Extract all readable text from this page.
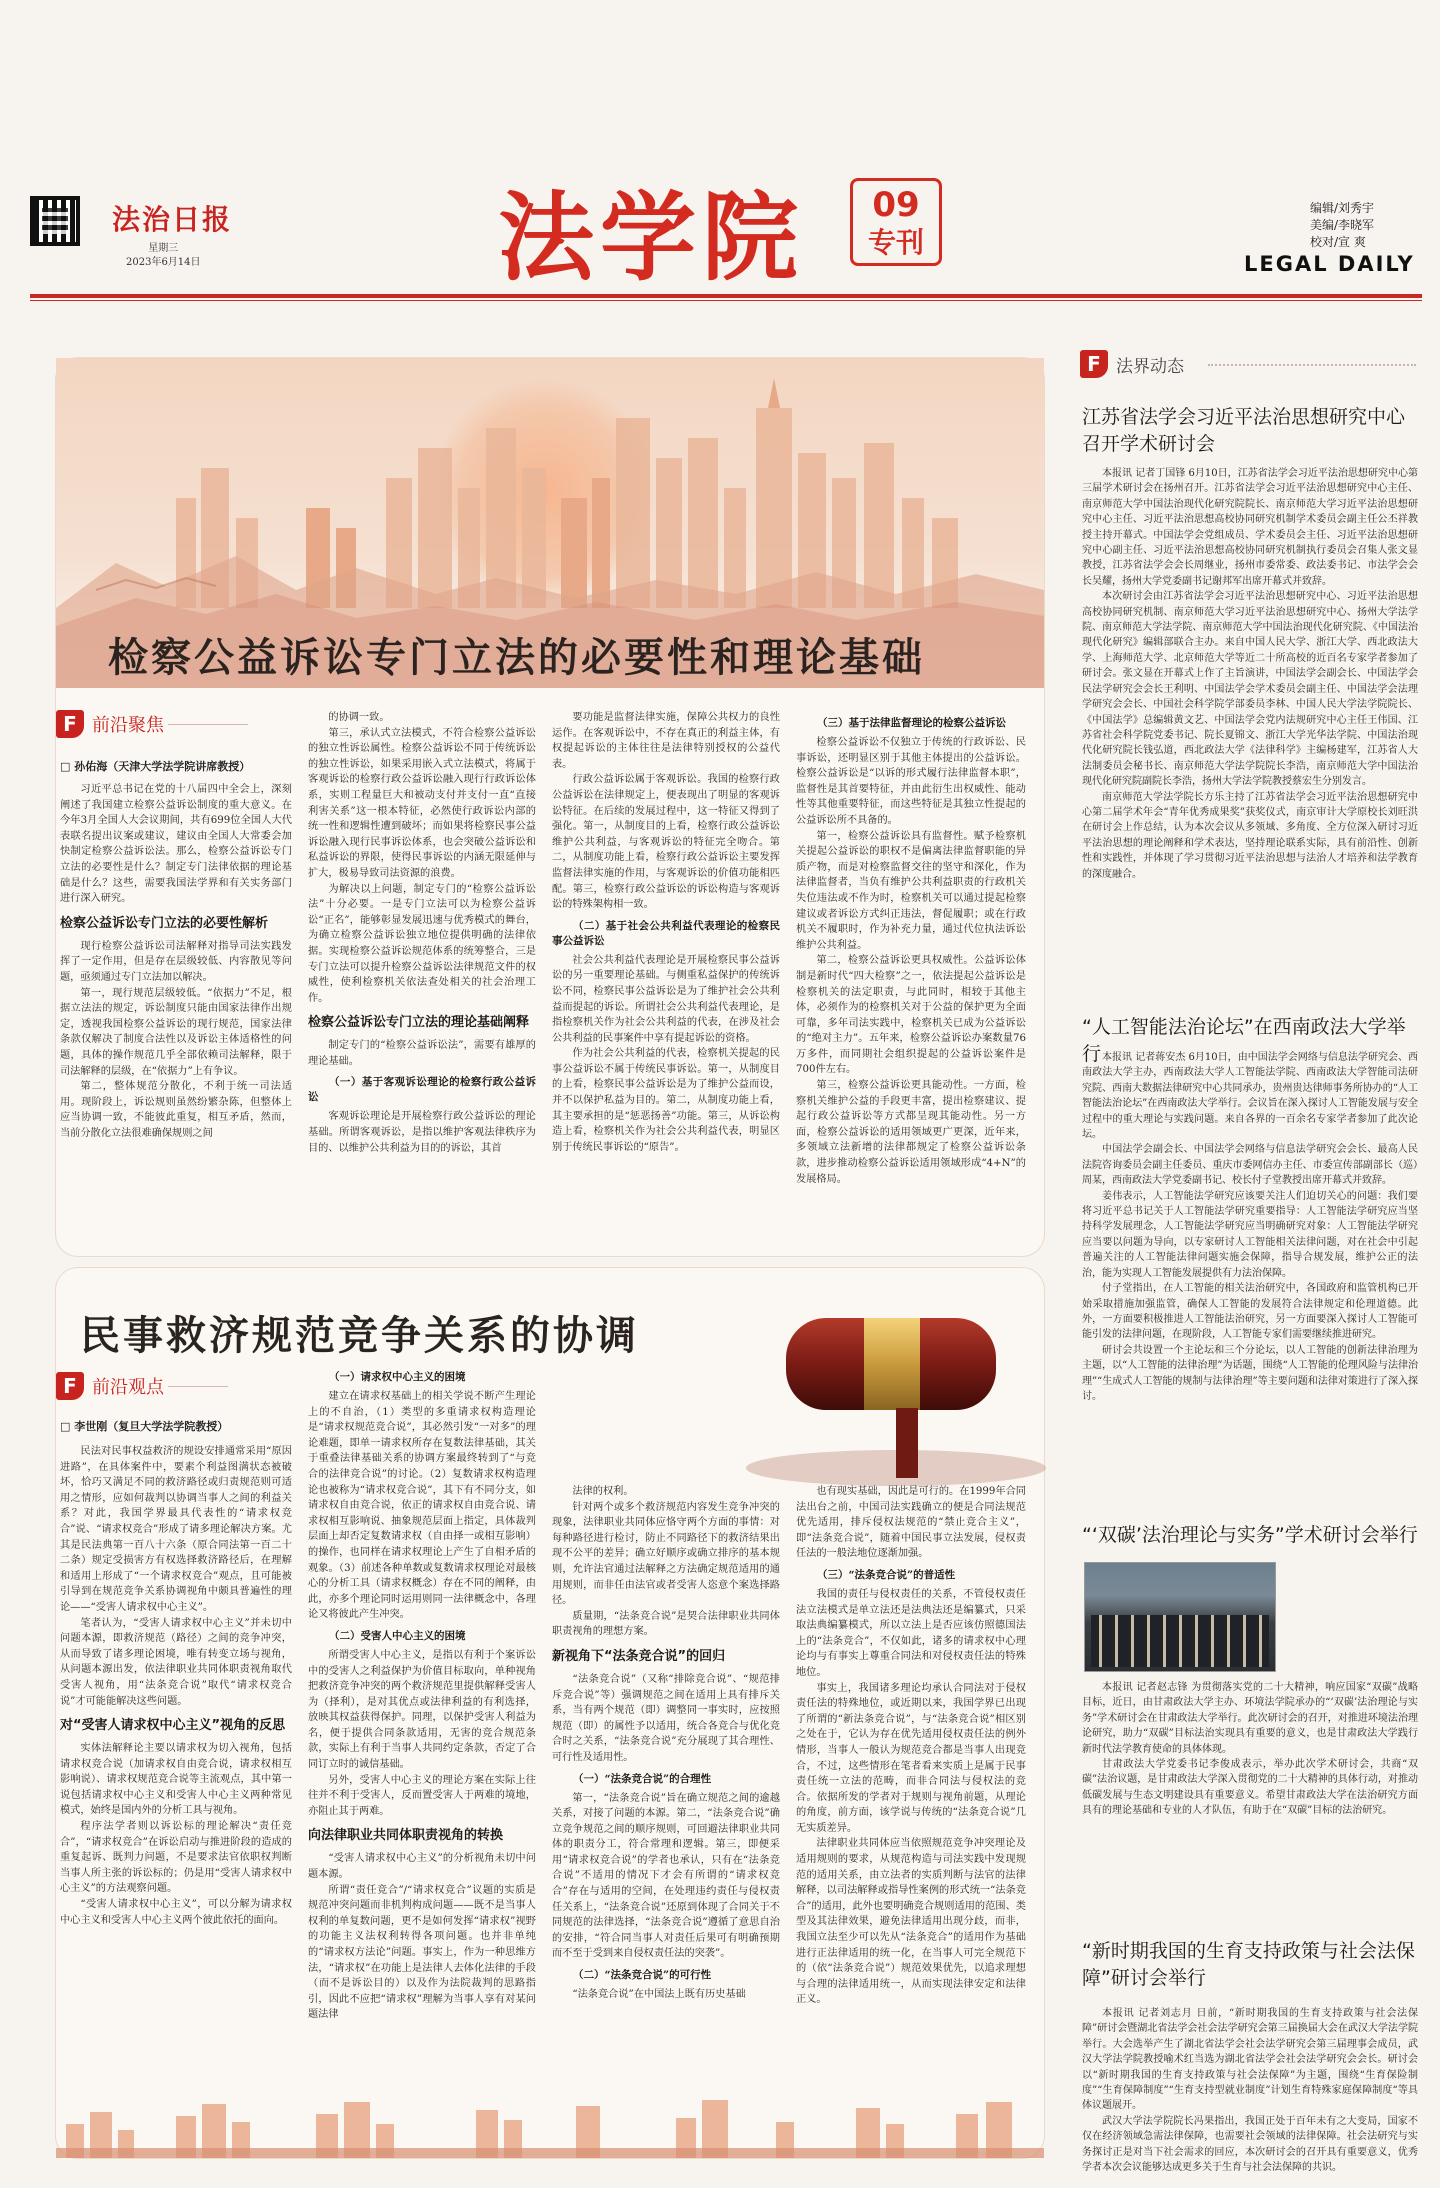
法治日报
星期三
2023年6月14日	法学院	09
专刊
编辑/刘秀宇
美编/李晓军
校对/宣 爽
LEGAL DAILY
检察公益诉讼专门立法的必要性和理论基础
F 前沿聚焦
□ 孙佑海（天津大学法学院讲席教授）

习近平总书记在党的十八届四中全会上，深刻阐述了我国建立检察公益诉讼制度的重大意义。在今年3月全国人大会议期间，共有699位全国人大代表联名提出议案或建议，建议由全国人大常委会加快制定检察公益诉讼法。那么，检察公益诉讼专门立法的必要性是什么？制定专门法律依据的理论基础是什么？这些，需要我国法学界和有关实务部门进行深入研究。

检察公益诉讼专门立法的必要性解析

现行检察公益诉讼司法解释对指导司法实践发挥了一定作用，但是存在层级较低、内容散见等问题，亟须通过专门立法加以解决。

第一，现行规范层级较低。“依据力”不足，根据立法法的规定，诉讼制度只能由国家法律作出规定，透视我国检察公益诉讼的现行规范，国家法律条款仅解决了制度合法性以及诉讼主体适格性的问题，具体的操作规范几乎全部依赖司法解释，限于司法解释的层级，在“依据力”上有争议。

第二，整体规范分散化，不利于统一司法适用。现阶段上，诉讼规则虽然纷繁杂陈，但整体上应当协调一致，不能彼此重复，相互矛盾，然而，当前分散化立法很难确保规则之间

的协调一致。

第三，承认式立法模式，不符合检察公益诉讼的独立性诉讼属性。检察公益诉讼不同于传统诉讼的独立性诉讼，如果采用嵌入式立法模式，将属于客观诉讼的检察行政公益诉讼融入现行行政诉讼体系，实则工程量巨大和被动支付并支付一直“直接利害关系”这一根本特征，必然使行政诉讼内部的统一性和逻辑性遭到破坏；而如果将检察民事公益诉讼融入现行民事诉讼体系，也会突破公益诉讼和私益诉讼的界限，使得民事诉讼的内涵无限延伸与扩大，极易导致司法资源的浪费。

为解决以上问题，制定专门的“检察公益诉讼法”十分必要。一是专门立法可以为检察公益诉讼“正名”，能够彰显发展迅速与优秀模式的舞台，为确立检察公益诉讼独立地位提供明确的法律依据。实现检察公益诉讼规范体系的统筹整合，三是专门立法可以提升检察公益诉讼法律规范文件的权威性，使利检察机关依法查处相关的社会治理工作。

检察公益诉讼专门立法的理论基础阐释

制定专门的“检察公益诉讼法”，需要有雄厚的理论基础。

（一）基于客观诉讼理论的检察行政公益诉讼

客观诉讼理论是开展检察行政公益诉讼的理论基础。所谓客观诉讼，是指以维护客观法律秩序为目的、以维护公共利益为目的的诉讼，其首

要功能是监督法律实施，保障公共权力的良性运作。在客观诉讼中，不存在真正的利益主体，有权提起诉讼的主体往往是法律特别授权的公益代表。

行政公益诉讼属于客观诉讼。我国的检察行政公益诉讼在法律规定上，便表现出了明显的客观诉讼特征。在后续的发展过程中，这一特征又得到了强化。第一，从制度目的上看，检察行政公益诉讼维护公共利益，与客观诉讼的特征完全吻合。第二，从制度功能上看，检察行政公益诉讼主要发挥监督法律实施的作用，与客观诉讼的价值功能相匹配。第三，检察行政公益诉讼的诉讼构造与客观诉讼的特殊架构相一致。

（二）基于社会公共利益代表理论的检察民事公益诉讼

社会公共利益代表理论是开展检察民事公益诉讼的另一重要理论基础。与侧重私益保护的传统诉讼不同，检察民事公益诉讼是为了维护社会公共利益而提起的诉讼。所谓社会公共利益代表理论，是指检察机关作为社会公共利益的代表，在涉及社会公共利益的民事案件中享有提起诉讼的资格。

作为社会公共利益的代表，检察机关提起的民事公益诉讼不属于传统民事诉讼。第一，从制度目的上看，检察民事公益诉讼是为了维护公益而设，并不以保护私益为目的。第二，从制度功能上看，其主要承担的是“惩恶扬善”功能。第三，从诉讼构造上看，检察机关作为社会公共利益代表，明显区别于传统民事诉讼的“原告”。

（三）基于法律监督理论的检察公益诉讼

检察公益诉讼不仅独立于传统的行政诉讼、民事诉讼，还明显区别于其他主体提出的公益诉讼。检察公益诉讼是“以诉的形式履行法律监督本职”，监督性是其首要特征，并由此衍生出权威性、能动性等其他重要特征，而这些特征是其独立性提起的公益诉讼所不具备的。

第一，检察公益诉讼具有监督性。赋予检察机关提起公益诉讼的职权不是偏离法律监督职能的异质产物，而是对检察监督交往的坚守和深化，作为法律监督者，当负有维护公共利益职责的行政机关失位违法或不作为时，检察机关可以通过提起检察建议或者诉讼方式纠正违法，督促履职；或在行政机关不履职时，作为补充力量，通过代位执法诉讼维护公共利益。

第二，检察公益诉讼更具权威性。公益诉讼体制是新时代“四大检察”之一，依法提起公益诉讼是检察机关的法定职责，与此同时，相较于其他主体，必须作为的检察机关对于公益的保护更为全面可靠，多年司法实践中，检察机关已成为公益诉讼的“绝对主力”。五年来，检察公益诉讼办案数量76万多件，而同期社会组织提起的公益诉讼案件是700件左右。

第三，检察公益诉讼更具能动性。一方面，检察机关维护公益的手段更丰富，提出检察建议、提起行政公益诉讼等方式都呈现其能动性。另一方面，检察公益诉讼的适用领域更广更深，近年来，多领域立法新增的法律都规定了检察公益诉讼条款，进步推动检察公益诉讼适用领域形成“4+N”的发展格局。

民事救济规范竞争关系的协调
F 前沿观点
□ 李世刚（复旦大学法学院教授）

民法对民事权益救济的规设安排通常采用“原因进路”，在具体案件中，要素个利益图满状态被破坏，恰巧又满足不同的救济路径或归责规范则可适用之情形，应如何裁判以协调当事人之间的利益关系？对此，我国学界最具代表性的“请求权竞合”说、“请求权竞合”形成了请多理论解决方案。尤其是民法典第一百八十六条（原合同法第一百二十二条）规定受损害方有权选择救济路径后，在理解和适用上形成了“一个请求权竞合”观点，且可能被引导到在规范竞争关系协调视角中颇具普遍性的理论——“受害人请求权中心主义”。

笔者认为，“受害人请求权中心主义”并未切中问题本源，即救济规范（路径）之间的竞争冲突，从而导致了诸多理论困境，唯有转变立场与视角，从问题本源出发，依法律职业共同体职责视角取代受害人视角，用“法条竞合说”取代“请求权竞合说”才可能能解决这些问题。

对“受害人请求权中心主义”视角的反思

实体法解释论主要以请求权为切入视角，包括请求权竞合说（加请求权自由竞合说，请求权相互影响说）、请求权规范竞合说等主流观点，其中第一说包括请求权中心主义和受害人中心主义两种常见模式，始终是国内外的分析工具与视角。

程序法学者则以诉讼标的理论解决“责任竞合”，“请求权竞合”在诉讼启动与推进阶段的造成的重复起诉、既判力问题，不是要求法官依职权判断当事人所主张的诉讼标的；仍是用“受害人请求权中心主义”的方法观察问题。

“受害人请求权中心主义”，可以分解为请求权中心主义和受害人中心主义两个彼此依托的面向。

（一）请求权中心主义的困境

建立在请求权基础上的相关学说不断产生理论上的不自治，（1）类型的多重请求权构造理论是“请求权规范竞合说”，其必然引发“一对多”的理论难题，即单一请求权所存在复数法律基础，其关于重叠法律基础关系的协调方案最终转到了“与竞合的法律竞合说”的讨论。（2）复数请求权构造理论也被称为“请求权竞合说”，其下有不同分支，如请求权自由竞合说，依正的请求权自由竞合说、请求权相互影响说、抽象规范层面上指定，具体裁判层面上却否定复数请求权（自由择一或相互影响）的操作，也同样在请求权理论上产生了自相矛盾的观象。（3）前述各种单数或复数请求权理论对最核心的分析工具（请求权概念）存在不同的阐释，由此，亦多个理论同时运用则同一法律概念中，各理论又将彼此产生冲突。

（二）受害人中心主义的困境

所谓受害人中心主义，是指以有利于个案诉讼中的受害人之利益保护为价值目标取向，单种视角把救济竞争冲突的两个救济规范里提供解释受害人为（择利），是对其优点或法律利益的有利选择，放映其权益获得保护。同理，以保护受害人利益为名，便于提供合同条款适用，无害的竞合规范条款，实际上有利于当事人共同约定条款，否定了合同订立时的诚信基础。

另外，受害人中心主义的理论方案在实际上往往并不利于受害人，反而置受害人于两难的境地，亦阻止其于两难。

向法律职业共同体职责视角的转换

“受害人请求权中心主义”的分析视角未切中问题本源。

所谓“责任竞合”/“请求权竞合”议题的实质是规范冲突问题而非机判构成问题——既不是当事人权利的单复数问题，更不是如何发挥“请求权”视野的功能主义法权利转得各项问题。也并非单纯的“请求权方法论”问题。事实上，作为一种思维方法，“请求权”在功能上是法律人去体化法律的手段（而不是诉讼目的）以及作为法院裁判的思路指引，因此不应把“请求权”理解为当事人享有对某问题法律

法律的权利。

针对两个或多个救济规范内容发生竞争冲突的现象，法律职业共同体应恪守两个方面的事情：对每种路径进行检讨，防止不同路径下的救济结果出现不公平的差异；确立好顺序或确立排序的基本规则，允许法官通过法解释之方法确定规范适用的通用规则，而非任由法官或者受害人恣意个案选择路径。

质量期，“法条竞合说”是契合法律职业共同体职责视角的理想方案。

新视角下“法条竞合说”的回归

“法条竞合说”（又称“排除竞合说”、“规范排斥竞合说”等）强调规范之间在适用上具有排斥关系，当有两个规范（即）调整同一事实时，应按照规范（即）的属性予以适用，统合各竞合与优化竞合时之关系，“法条竞合说”充分展现了其合理性、可行性及适用性。

（一）“法条竞合说”的合理性

第一，“法条竞合说”旨在确立规范之间的逾越关系，对接了问题的本源。第二，“法条竞合说”确立竞争规范之间的顺序规则，可回避法律职业共同体的职责分工，符合常理和逻辑。第三，即便采用“请求权竞合说”的学者也承认，只有在“法条竞合说”不适用的情况下才会有所谓的“请求权竞合”存在与适用的空间，在处理违约责任与侵权责任关系上，“法条竞合说”还原到体现了合同关于不同规范的法律选择，“法条竞合说”遵循了意思自治的安排，“符合同当事人对责任后果可有明确预期而不至于受到来自侵权责任法的突袭”。

（二）“法条竞合说”的可行性

“法条竞合说”在中国法上既有历史基础

也有现实基础，因此是可行的。在1999年合同法出台之前，中国司法实践确立的便是合同法规范优先适用，排斥侵权法规范的“禁止竞合主义”，即“法条竞合说”，随着中国民事立法发展，侵权责任法的一般法地位逐渐加强。

（三）“法条竞合说”的普适性

我国的责任与侵权责任的关系，不管侵权责任法立法模式是单立法还是法典法还是编纂式，只采取法典编纂模式，所以立法上是否应该仿照德国法上的“法条竞合”，不仅如此，诸多的请求权中心理论均与有事实上尊重合同法和对侵权责任法的特殊地位。

事实上，我国诸多理论均承认合同法对于侵权责任法的特殊地位，或近期以来，我国学界已出现了所谓的“新法条竞合说”，与“法条竞合说”相区别之处在于，它认为存在优先适用侵权责任法的例外情形，当事人一般认为规范竞合都是当事人出现竞合，不过，这些情形在笔者看来实质上是属于民事责任统一立法的范畴，而非合同法与侵权法的竞合。依据所发的学者对于规则与视角前题，从理论的角度，前方面，该学说与传统的“法条竞合说”几无实质差异。

法律职业共同体应当依照规范竞争冲突理论及适用规则的要求，从规范构造与司法实践中发现规范的适用关系，由立法者的实质判断与法官的法律解释，以司法解释或指导性案例的形式统一“法条竞合”的适用，此外也要明确竞合规则适用的范围、类型及其法律效果，避免法律适用出现分歧，而非，我国立法至少可以先从“法条竞合”的适用作为基础进行正法律适用的统一化，在当事人可完全规范下的（依“法条竞合说”）规范效果优先，以追求理想与合理的法律适用统一，从而实现法律安定和法律正义。

F 法界动态
江苏省法学会习近平法治思想研究中心召开学术研讨会

本报讯 记者丁国锋 6月10日，江苏省法学会习近平法治思想研究中心第三届学术研讨会在扬州召开。江苏省法学会习近平法治思想研究中心主任、南京师范大学中国法治现代化研究院院长、南京师范大学习近平法治思想研究中心主任、习近平法治思想高校协同研究机制学术委员会副主任公丕祥教授主持开幕式。中国法学会党组成员、学术委员会主任、习近平法治思想研究中心副主任、习近平法治思想高校协同研究机制执行委员会召集人张文显教授，江苏省法学会会长周继业，扬州市委常委、政法委书记、市法学会会长吴耀，扬州大学党委副书记谢邦军出席开幕式并致辞。

本次研讨会由江苏省法学会习近平法治思想研究中心、习近平法治思想高校协同研究机制、南京师范大学习近平法治思想研究中心、扬州大学法学院、南京师范大学法学院、南京师范大学中国法治现代化研究院、《中国法治现代化研究》编辑部联合主办。来自中国人民大学、浙江大学、西北政法大学、上海师范大学、北京师范大学等近二十所高校的近百名专家学者参加了研讨会。张文显在开幕式上作了主旨演讲，中国法学会副会长、中国法学会民法学研究会会长王利明、中国法学会学术委员会副主任、中国法学会法理学研究会会长、中国社会科学院学部委员李林、中国人民大学法学院院长、《中国法学》总编辑黄文艺、中国法学会党内法规研究中心主任王伟国、江苏省社会科学院党委书记、院长夏锦文、浙江大学光华法学院、中国法治现代化研究院长钱弘道，西北政法大学《法律科学》主编杨建军，江苏省人大法制委员会秘书长、南京师范大学法学院院长李浩，南京师范大学中国法治现代化研究院副院长李浩，扬州大学法学院教授蔡宏生分别发言。

南京师范大学法学院长方乐主持了江苏省法学会习近平法治思想研究中心第二届学术年会“青年优秀成果奖”获奖仪式，南京审计大学原校长刘旺洪在研讨会上作总结，认为本次会议从多领域、多角度、全方位深入研讨习近平法治思想的理论阐释和学术表达，坚持理论联系实际，具有前沿性、创新性和实践性，并体现了学习贯彻习近平法治思想与法治人才培养和法学教育的深度融合。

“人工智能法治论坛”在西南政法大学举行 本报讯 记者蒋安杰 6月10日，由中国法学会网络与信息法学研究会、西南政法大学主办，西南政法大学人工智能法学院、西南政法大学智能司法研究院、西南大数据法律研究中心共同承办，贵州贵达律师事务所协办的“人工智能法治论坛”在西南政法大学举行。会议旨在深入探讨人工智能发展与安全过程中的重大理论与实践问题。来自各界的一百余名专家学者参加了此次论坛。

中国法学会副会长、中国法学会网络与信息法学研究会会长、最高人民法院咨询委员会副主任委员、重庆市委网信办主任、市委宣传部副部长（巡）周某，西南政法大学党委副书记、校长付子堂教授出席开幕式并致辞。

姜伟表示，人工智能法学研究应该要关注人们迫切关心的问题：我们要将习近平总书记关于人工智能法学研究重要指导：人工智能法学研究应当坚持科学发展理念，人工智能法学研究应当明确研究对象：人工智能法学研究应当要以问题为导向，以专家研讨人工智能相关法律问题，对在社会中引起普遍关注的人工智能法律问题实施会保障，指导合规发展，维护公正的法治，能为实现人工智能发展提供有力法治保障。

付子堂指出，在人工智能的相关法治研究中，各国政府和监管机构已开始采取措施加强监管，确保人工智能的发展符合法律规定和伦理道德。此外，一方面要积极推进人工智能法治研究，另一方面要深入探讨人工智能可能引发的法律问题，在现阶段，人工智能专家们需要继续推进研究。

研讨会共设置一个主论坛和三个分论坛，以人工智能的创新法律治理为主题，以“人工智能的法律治理”为话题，围绕“人工智能的伦理风险与法律治理”“生成式人工智能的规制与法律治理”等主要问题和法律对策进行了深入探讨。

“‘双碳’法治理论与实务”学术研讨会举行

本报讯 记者赵志锋 为贯彻落实党的二十大精神，响应国家“双碳”战略目标，近日，由甘肃政法大学主办、环境法学院承办的“‘双碳’法治理论与实务”学术研讨会在甘肃政法大学举行。此次研讨会的召开，对推进环境法治理论研究，助力“双碳”目标法治实现具有重要的意义，也是甘肃政法大学践行新时代法学教育使命的具体体现。

甘肃政法大学党委书记李俊成表示，举办此次学术研讨会，共商“双碳”法治议题，是甘肃政法大学深入贯彻党的二十大精神的具体行动，对推动低碳发展与生态文明建设具有重要意义。希望甘肃政法大学在法治研究方面具有的理论基础和专业的人才队伍，有助于在“双碳”目标的法治研究。

“新时期我国的生育支持政策与社会法保障”研讨会举行

本报讯 记者刘志月 日前，“新时期我国的生育支持政策与社会法保障”研讨会暨湖北省法学会社会法学研究会第三届换届大会在武汉大学法学院举行。大会选举产生了湖北省法学会社会法学研究会第三届理事会成员，武汉大学法学院教授喻术红当选为湖北省法学会社会法学研究会会长。研讨会以“新时期我国的生育支持政策与社会法保障”为主题，围绕“生育保险制度”“生育保障制度”“生育支持型就业制度”计划生育特殊家庭保障制度“等具体议题展开。

武汉大学法学院院长冯果指出，我国正处于百年未有之大变局，国家不仅在经济领域急需法律保障，也需要社会领域的法律保障。社会法研究与实务探讨正是对当下社会需求的回应，本次研讨会的召开具有重要意义，优秀学者本次会议能够达成更多关于生育与社会法保障的共识。
